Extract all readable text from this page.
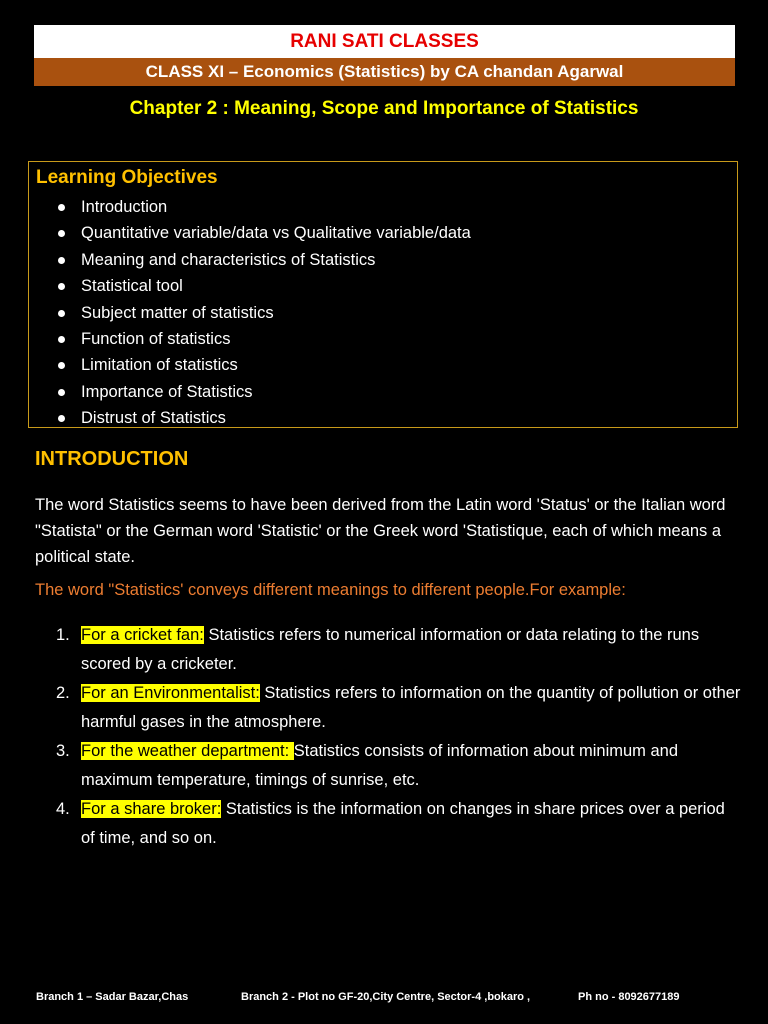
RANI SATI CLASSES
CLASS XI – Economics (Statistics) by CA chandan Agarwal
Chapter 2 : Meaning, Scope and Importance of Statistics
Learning Objectives
Introduction
Quantitative variable/data vs Qualitative variable/data
Meaning and characteristics of Statistics
Statistical tool
Subject matter of statistics
Function of statistics
Limitation of statistics
Importance of Statistics
Distrust of Statistics
INTRODUCTION
The word Statistics seems to have been derived from the Latin word 'Status' or the Italian word "Statista" or the German word 'Statistic' or the Greek word 'Statistique, each of which means a political state.
The word "Statistics' conveys different meanings to different people.For example:
1. For a cricket fan: Statistics refers to numerical information or data relating to the runs scored by a cricketer.
2. For an Environmentalist: Statistics refers to information on the quantity of pollution or other harmful gases in the atmosphere.
3. For the weather department: Statistics consists of information about minimum and maximum temperature, timings of sunrise, etc.
4. For a share broker: Statistics is the information on changes in share prices over a period of time, and so on.
Branch 1 – Sadar Bazar,Chas	Branch 2 - Plot no GF-20,City Centre, Sector-4 ,bokaro ,	Ph no - 8092677189
